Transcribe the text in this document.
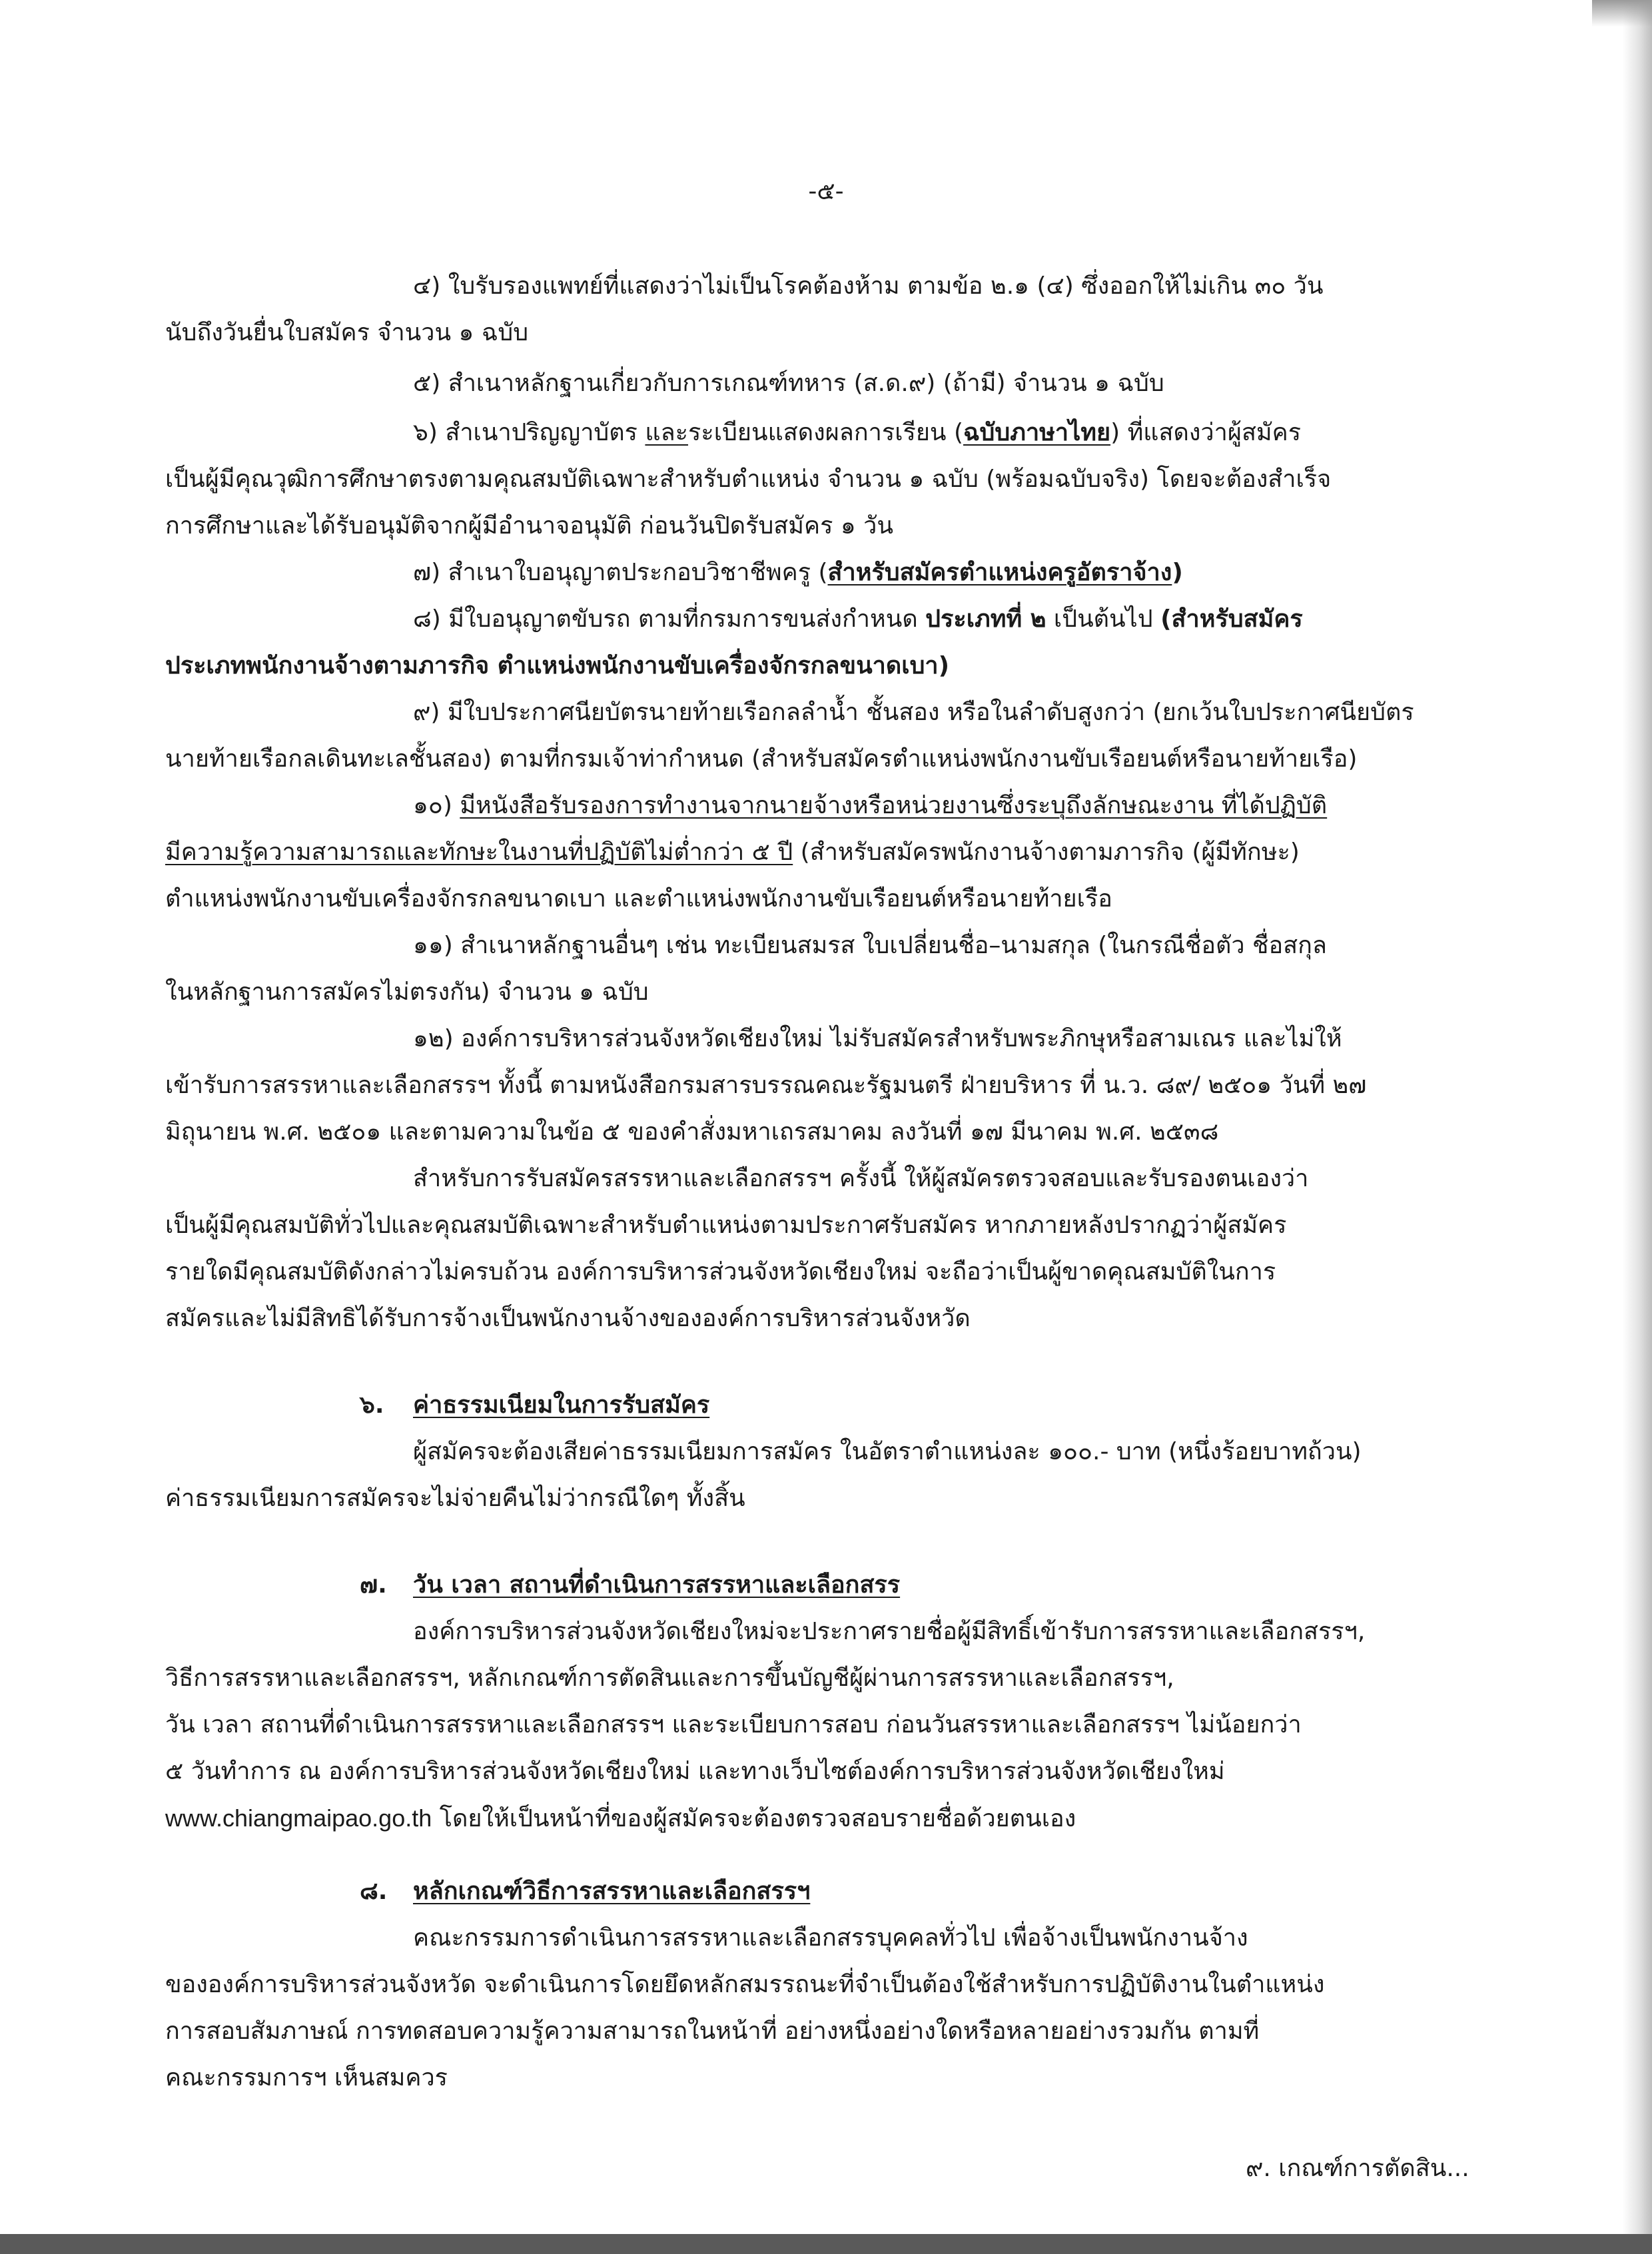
-๕-
๔) ใบรับรองแพทย์ที่แสดงว่าไม่เป็นโรคต้องห้าม ตามข้อ ๒.๑ (๔) ซึ่งออกให้ไม่เกิน ๓๐ วัน
นับถึงวันยื่นใบสมัคร จำนวน ๑ ฉบับ
๕) สำเนาหลักฐานเกี่ยวกับการเกณฑ์ทหาร (ส.ด.๙) (ถ้ามี) จำนวน ๑ ฉบับ
๖) สำเนาปริญญาบัตร และระเบียนแสดงผลการเรียน (ฉบับภาษาไทย) ที่แสดงว่าผู้สมัคร
เป็นผู้มีคุณวุฒิการศึกษาตรงตามคุณสมบัติเฉพาะสำหรับตำแหน่ง จำนวน ๑ ฉบับ (พร้อมฉบับจริง) โดยจะต้องสำเร็จ
การศึกษาและได้รับอนุมัติจากผู้มีอำนาจอนุมัติ ก่อนวันปิดรับสมัคร ๑ วัน
๗) สำเนาใบอนุญาตประกอบวิชาชีพครู (สำหรับสมัครตำแหน่งครูอัตราจ้าง)
๘) มีใบอนุญาตขับรถ ตามที่กรมการขนส่งกำหนด ประเภทที่ ๒ เป็นต้นไป (สำหรับสมัคร
ประเภทพนักงานจ้างตามภารกิจ ตำแหน่งพนักงานขับเครื่องจักรกลขนาดเบา)
๙) มีใบประกาศนียบัตรนายท้ายเรือกลลำน้ำ ชั้นสอง หรือในลำดับสูงกว่า (ยกเว้นใบประกาศนียบัตร
นายท้ายเรือกลเดินทะเลชั้นสอง) ตามที่กรมเจ้าท่ากำหนด (สำหรับสมัครตำแหน่งพนักงานขับเรือยนต์หรือนายท้ายเรือ)
๑๐) มีหนังสือรับรองการทำงานจากนายจ้างหรือหน่วยงานซึ่งระบุถึงลักษณะงาน ที่ได้ปฏิบัติ
มีความรู้ความสามารถและทักษะในงานที่ปฏิบัติไม่ต่ำกว่า ๕ ปี (สำหรับสมัครพนักงานจ้างตามภารกิจ (ผู้มีทักษะ)
ตำแหน่งพนักงานขับเครื่องจักรกลขนาดเบา และตำแหน่งพนักงานขับเรือยนต์หรือนายท้ายเรือ
๑๑) สำเนาหลักฐานอื่นๆ เช่น ทะเบียนสมรส ใบเปลี่ยนชื่อ–นามสกุล (ในกรณีชื่อตัว ชื่อสกุล
ในหลักฐานการสมัครไม่ตรงกัน) จำนวน ๑ ฉบับ
๑๒) องค์การบริหารส่วนจังหวัดเชียงใหม่ ไม่รับสมัครสำหรับพระภิกษุหรือสามเณร และไม่ให้
เข้ารับการสรรหาและเลือกสรรฯ ทั้งนี้ ตามหนังสือกรมสารบรรณคณะรัฐมนตรี ฝ่ายบริหาร ที่ น.ว. ๘๙/ ๒๕๐๑ วันที่ ๒๗
มิถุนายน พ.ศ. ๒๕๐๑ และตามความในข้อ ๕ ของคำสั่งมหาเถรสมาคม ลงวันที่ ๑๗ มีนาคม พ.ศ. ๒๕๓๘
สำหรับการรับสมัครสรรหาและเลือกสรรฯ ครั้งนี้ ให้ผู้สมัครตรวจสอบและรับรองตนเองว่า
เป็นผู้มีคุณสมบัติทั่วไปและคุณสมบัติเฉพาะสำหรับตำแหน่งตามประกาศรับสมัคร หากภายหลังปรากฏว่าผู้สมัคร
รายใดมีคุณสมบัติดังกล่าวไม่ครบถ้วน องค์การบริหารส่วนจังหวัดเชียงใหม่ จะถือว่าเป็นผู้ขาดคุณสมบัติในการ
สมัครและไม่มีสิทธิได้รับการจ้างเป็นพนักงานจ้างขององค์การบริหารส่วนจังหวัด
๖. ค่าธรรมเนียมในการรับสมัคร
ผู้สมัครจะต้องเสียค่าธรรมเนียมการสมัคร ในอัตราตำแหน่งละ ๑๐๐.- บาท (หนึ่งร้อยบาทถ้วน)
ค่าธรรมเนียมการสมัครจะไม่จ่ายคืนไม่ว่ากรณีใดๆ ทั้งสิ้น
๗. วัน เวลา สถานที่ดำเนินการสรรหาและเลือกสรร
องค์การบริหารส่วนจังหวัดเชียงใหม่จะประกาศรายชื่อผู้มีสิทธิ์เข้ารับการสรรหาและเลือกสรรฯ,
วิธีการสรรหาและเลือกสรรฯ, หลักเกณฑ์การตัดสินและการขึ้นบัญชีผู้ผ่านการสรรหาและเลือกสรรฯ,
วัน เวลา สถานที่ดำเนินการสรรหาและเลือกสรรฯ และระเบียบการสอบ ก่อนวันสรรหาและเลือกสรรฯ ไม่น้อยกว่า
๕ วันทำการ ณ องค์การบริหารส่วนจังหวัดเชียงใหม่ และทางเว็บไซต์องค์การบริหารส่วนจังหวัดเชียงใหม่
www.chiangmaipao.go.th โดยให้เป็นหน้าที่ของผู้สมัครจะต้องตรวจสอบรายชื่อด้วยตนเอง
๘. หลักเกณฑ์วิธีการสรรหาและเลือกสรรฯ
คณะกรรมการดำเนินการสรรหาและเลือกสรรบุคคลทั่วไป เพื่อจ้างเป็นพนักงานจ้าง
ขององค์การบริหารส่วนจังหวัด จะดำเนินการโดยยึดหลักสมรรถนะที่จำเป็นต้องใช้สำหรับการปฏิบัติงานในตำแหน่ง
การสอบสัมภาษณ์ การทดสอบความรู้ความสามารถในหน้าที่ อย่างหนึ่งอย่างใดหรือหลายอย่างรวมกัน ตามที่
คณะกรรมการฯ เห็นสมควร
๙. เกณฑ์การตัดสิน...
